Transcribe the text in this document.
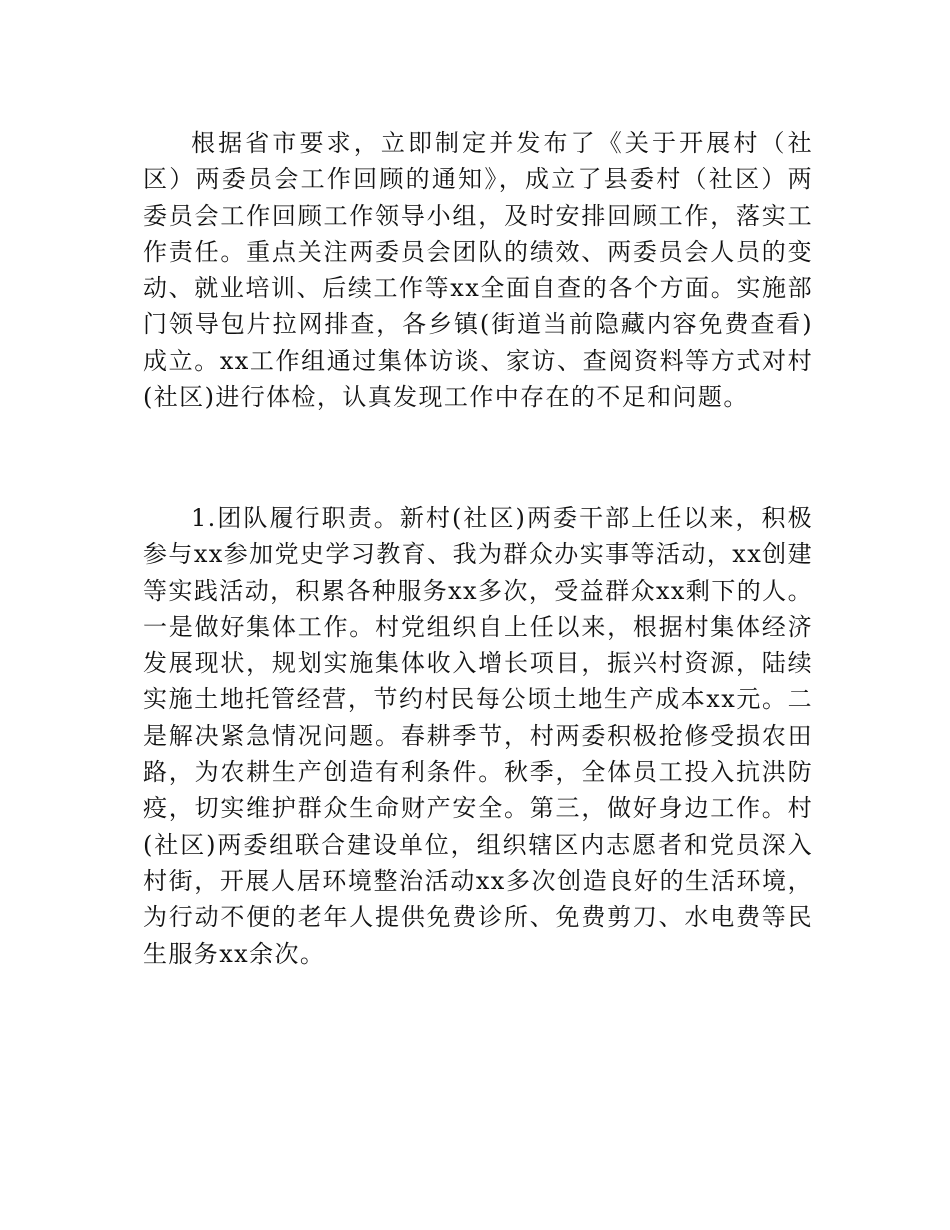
根据省市要求，立即制定并发布了《关于开展村（社区）两委员会工作回顾的通知》，成立了县委村（社区）两委员会工作回顾工作领导小组，及时安排回顾工作，落实工作责任。重点关注两委员会团队的绩效、两委员会人员的变动、就业培训、后续工作等xx全面自查的各个方面。实施部门领导包片拉网排查，各乡镇(街道当前隐藏内容免费查看)成立。xx工作组通过集体访谈、家访、查阅资料等方式对村(社区)进行体检，认真发现工作中存在的不足和问题。

1.团队履行职责。新村(社区)两委干部上任以来，积极参与xx参加党史学习教育、我为群众办实事等活动，xx创建等实践活动，积累各种服务xx多次，受益群众xx剩下的人。一是做好集体工作。村党组织自上任以来，根据村集体经济发展现状，规划实施集体收入增长项目，振兴村资源，陆续实施土地托管经营，节约村民每公顷土地生产成本xx元。二是解决紧急情况问题。春耕季节，村两委积极抢修受损农田路，为农耕生产创造有利条件。秋季，全体员工投入抗洪防疫，切实维护群众生命财产安全。第三，做好身边工作。村(社区)两委组联合建设单位，组织辖区内志愿者和党员深入村街，开展人居环境整治活动xx多次创造良好的生活环境，为行动不便的老年人提供免费诊所、免费剪刀、水电费等民生服务xx余次。
